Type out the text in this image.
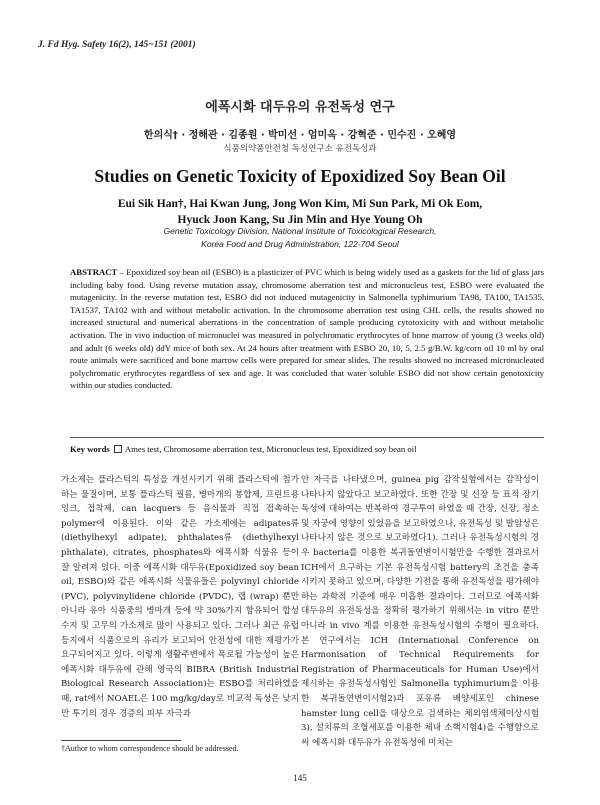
J. Fd Hyg. Safety 16(2), 145~151 (2001)
에폭시화 대두유의 유전독성 연구
한의식† · 정해관 · 김종원 · 박미선 · 엄미옥 · 강혁준 · 민수진 · 오혜영
식품의약품안전청 독성연구소 유전독성과
Studies on Genetic Toxicity of Epoxidized Soy Bean Oil
Eui Sik Han†, Hai Kwan Jung, Jong Won Kim, Mi Sun Park, Mi Ok Eom,
Hyuck Joon Kang, Su Jin Min and Hye Young Oh
Genetic Toxicology Division, National Institute of Toxicological Research,
Korea Food and Drug Administration, 122-704 Seoul
ABSTRACT – Epoxidized soy bean oil (ESBO) is a plasticizer of PVC which is being widely used as a gaskets for the lid of glass jars including baby food. Using reverse mutation assay, chromosome aberration test and micronucleus test, ESBO were evaluated the mutagenicity. In the reverse mutation test, ESBO did not induced mutagenicity in Salmonella typhimurium TA98, TA100, TA1535, TA1537, TA102 with and without metabolic activation. In the chromosome aberration test using CHL cells, the results showed no increased structural and numerical aberrations in the concentration of sample producing cytotoxicity with and without metabolic activation. The in vivo induction of micronuclei was measured in polychromatic erythrocytes of bone marrow of young (3 weeks old) and adult (6 weeks old) ddY mice of both sex. At 24 hours after treatment with ESBO 20, 10, 5, 2.5 g/B.W. kg/corn oil 10 ml by oral route animals were sacrificed and bone marrow cells were prepared for smear slides. The results showed no increased micronucleated polychromatic erythrocytes regardless of sex and age. It was concluded that water soluble ESBO did not show certain genotoxicity within our studies conducted.
Key words Ames test, Chromosome aberration test, Micronucleus test, Epoxidized soy bean oil

가소제는 플라스틱의 특성을 개선시키기 위해 플라스틱에 첨가하는 물질이며, 보통 플라스틱 필름, 병마개의 봉합제, 프린트용 잉크, 접착제, can lacquers 등 음식물과 직접 접촉하는 polymer에 이용된다. 이와 같은 가소제에는 adipates류 (diethylhexyl adipate), phthalates류 (diethylhexyl phthalate), citrates, phosphates와 에폭시화 식물유 등이 잘 알려져 있다. 이중 에폭시화 대두유(Epoxidized soy bean oil, ESBO)와 같은 에폭시화 식물유들은 polyvinyl chloride (PVC), polyvinylidene chloride (PVDC), 랩 (wrap) 뿐만 아니라 유아 식품중의 병마개 등에 약 30%가지 함유되어 합성수지 및 고무의 가소제로 많이 사용되고 있다. 그러나 최근 유럽 등지에서 식품으로의 유리가 보고되어 안전성에 대한 재평가가 요구되어지고 있다. 이렇게 생활주변에서 폭로될 가능성이 높은 에폭시화 대두유에 관해 영국의 BIBRA (British Industrial Biological Research Association)는 ESBO를 처리하였을 때, rat에서 NOAEL은 100 mg/kg/day로 비교적 독성은 낮지만 투기의 경우 경증의 피부 자극과

안 자극을 나타냈으며, guinea pig 감작실험에서는 감작성이 나타나지 않았다고 보고하였다. 또한 간장 및 신장 등 표적 장기 독성에 대하여는 반복하여 경구투여 하였을 때 간장, 신장, 정소 및 자궁에 영향이 있었음을 보고하였으나, 유전독성 및 발암성은 나타나지 않은 것으로 보고하였다1). 그러나 유전독성시험의 경우 bacteria를 이용한 복귀돌연변이시험만을 수행한 결과로서 ICH에서 요구하는 기본 유전독성시험 battery의 조건을 충족시키지 못하고 있으며, 다양한 기전을 통해 유전독성을 평가해야 하는 과학적 기준에 매우 미흡한 결과이다. 그러므로 에폭시화 대두유의 유전독성을 정확히 평가하기 위해서는 in vitro 뿐만 아니라 in vivo 계를 이용한 유전독성시험의 수행이 필요하다. 본 연구에서는 ICH (International Conference on Harmonisation of Technical Requirements for Registration of Pharmaceuticals for Human Use)에서 제시하는 유전독성시험인 Salmonella typhimurium을 이용한 복귀돌연변이시험2)과 포유류 배양세포인 chinese hamster lung cell을 대상으로 검색하는 체외염색체이상시험3), 설치류의 조혈세포를 이용한 체내 소핵시험4)을 수행함으로써 에폭시화 대두유가 유전독성에 미치는

†Author to whom correspondence should be addressed.
145
